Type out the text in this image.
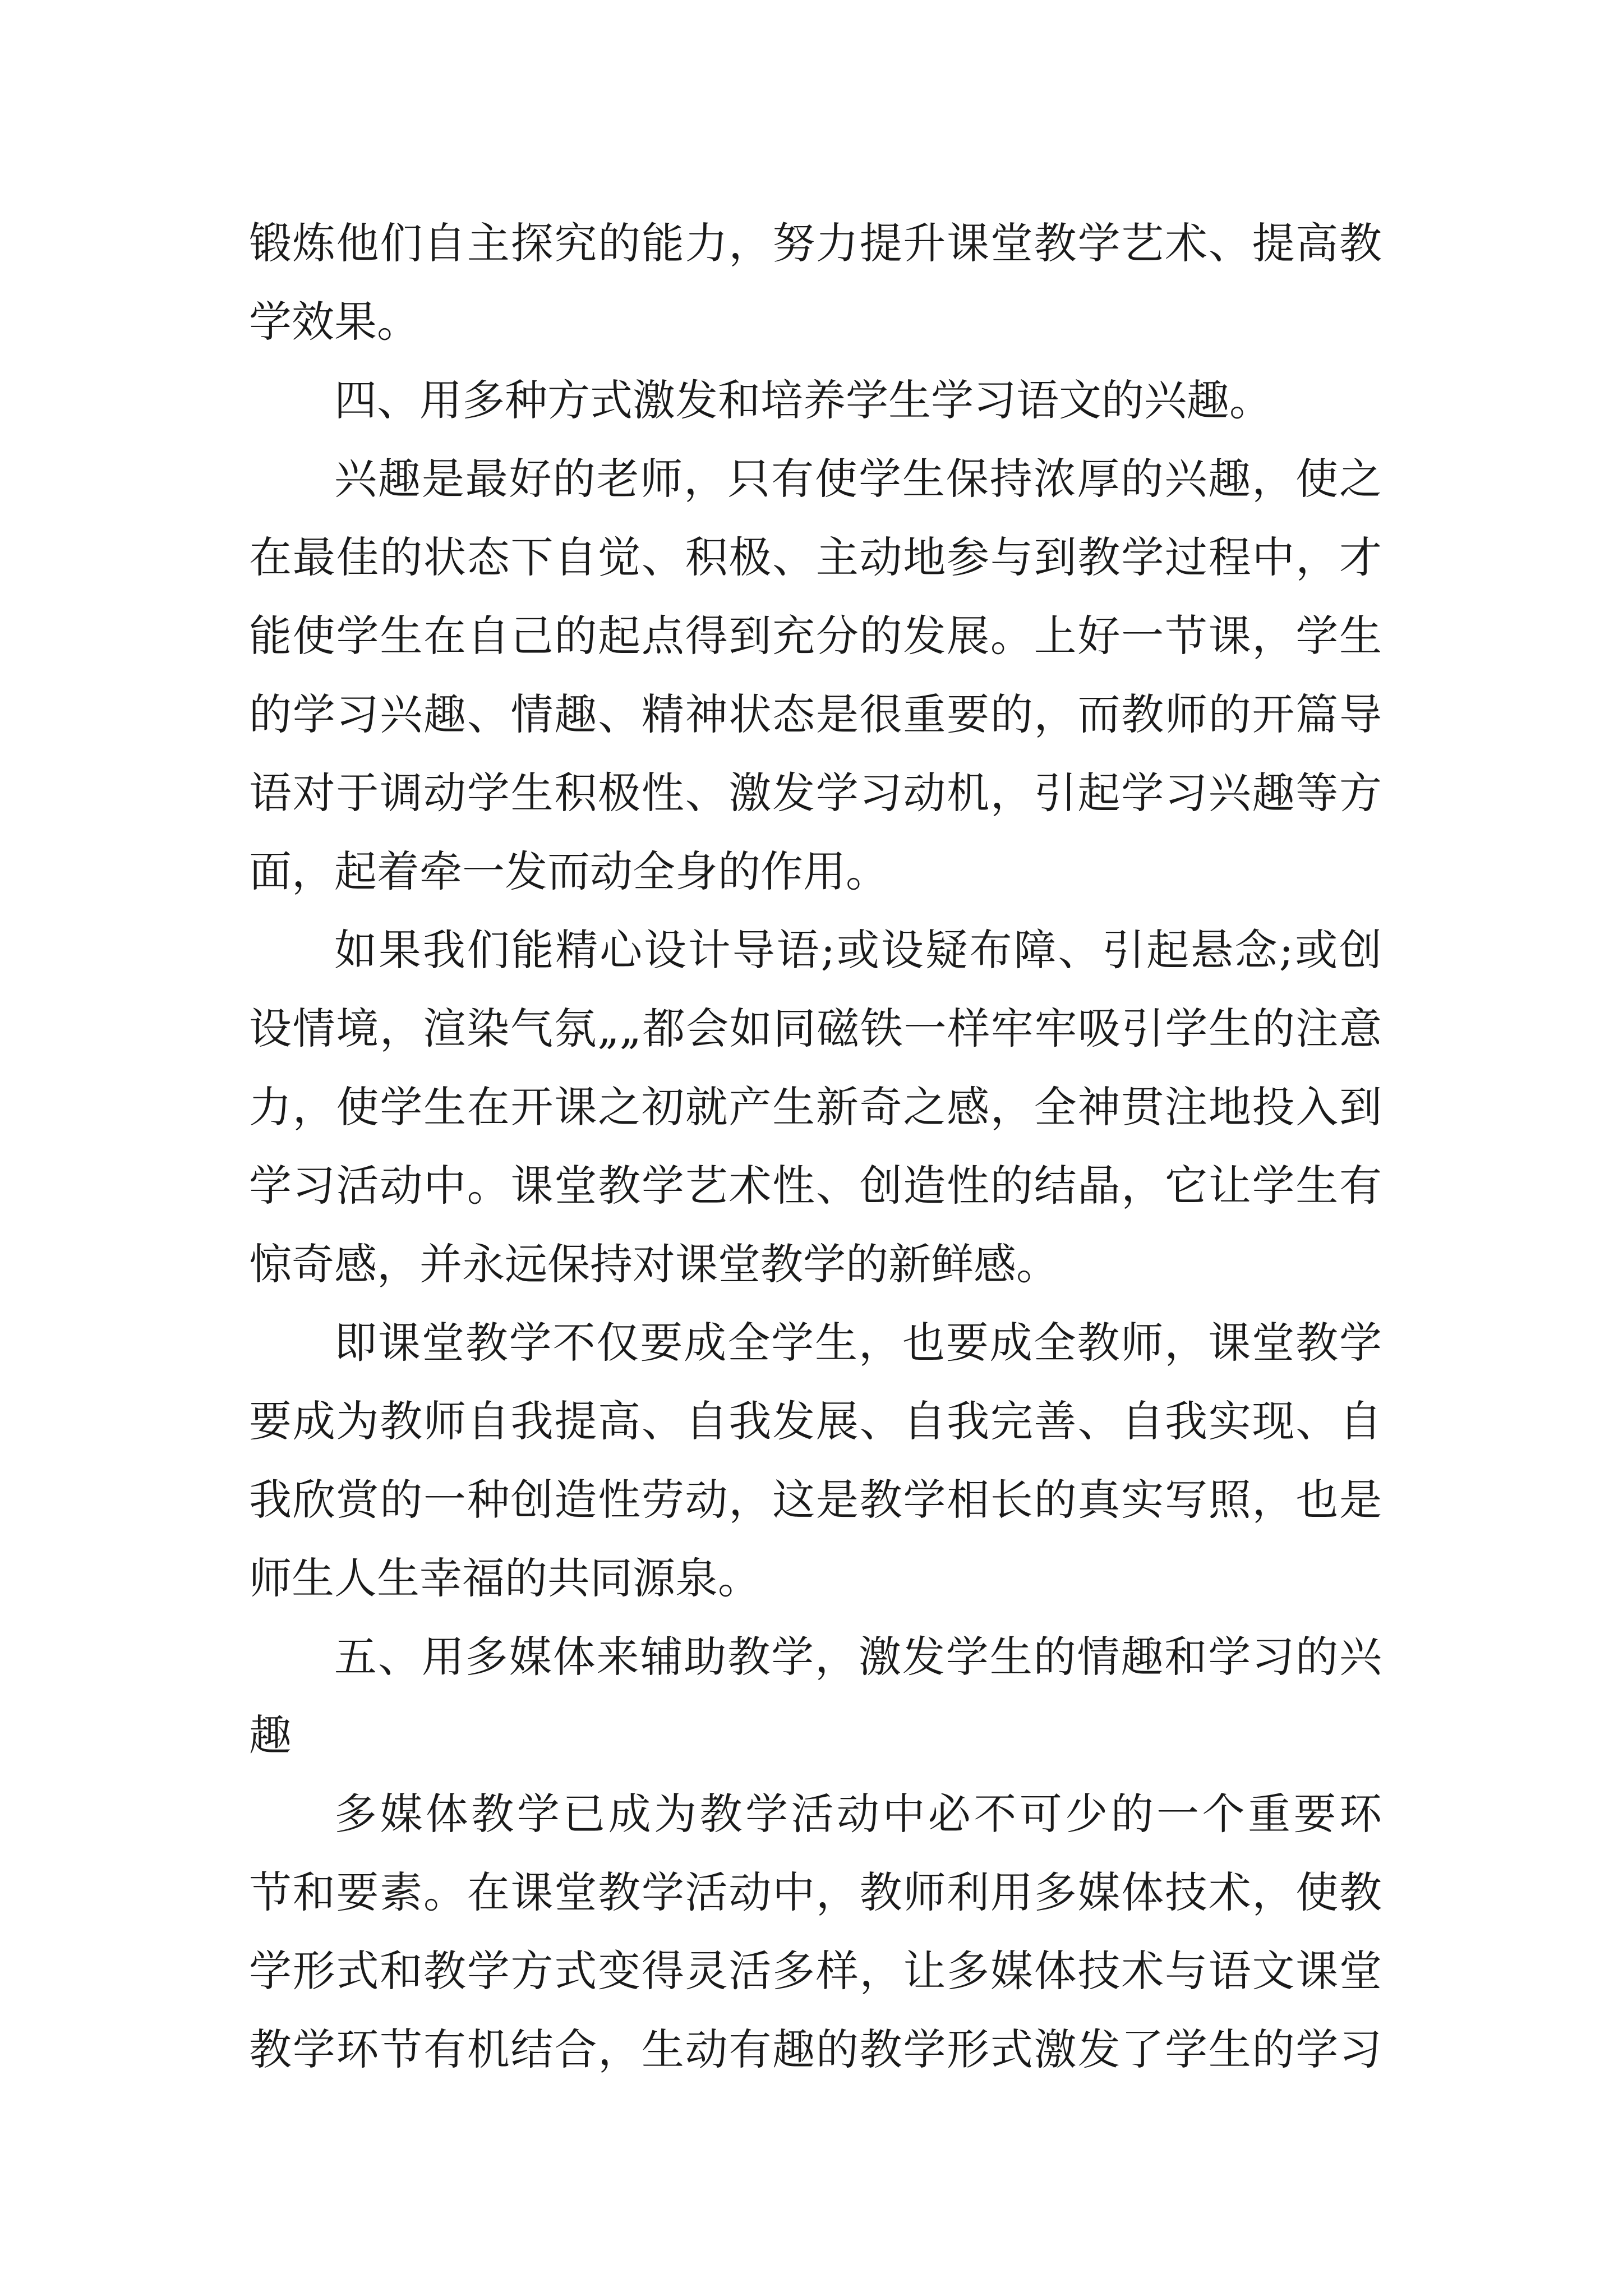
锻炼他们自主探究的能力，努力提升课堂教学艺术、提高教
学效果。
四、用多种方式激发和培养学生学习语文的兴趣。
兴趣是最好的老师，只有使学生保持浓厚的兴趣，使之
在最佳的状态下自觉、积极、主动地参与到教学过程中，才
能使学生在自己的起点得到充分的发展。上好一节课，学生
的学习兴趣、情趣、精神状态是很重要的，而教师的开篇导
语对于调动学生积极性、激发学习动机，引起学习兴趣等方
面，起着牵一发而动全身的作用。
如果我们能精心设计导语;或设疑布障、引起悬念;或创
设情境，渲染气氛„„都会如同磁铁一样牢牢吸引学生的注意
力，使学生在开课之初就产生新奇之感，全神贯注地投入到
学习活动中。课堂教学艺术性、创造性的结晶，它让学生有
惊奇感，并永远保持对课堂教学的新鲜感。
即课堂教学不仅要成全学生，也要成全教师，课堂教学
要成为教师自我提高、自我发展、自我完善、自我实现、自
我欣赏的一种创造性劳动，这是教学相长的真实写照，也是
师生人生幸福的共同源泉。
五、用多媒体来辅助教学，激发学生的情趣和学习的兴
趣
多媒体教学已成为教学活动中必不可少的一个重要环
节和要素。在课堂教学活动中，教师利用多媒体技术，使教
学形式和教学方式变得灵活多样，让多媒体技术与语文课堂
教学环节有机结合，生动有趣的教学形式激发了学生的学习
